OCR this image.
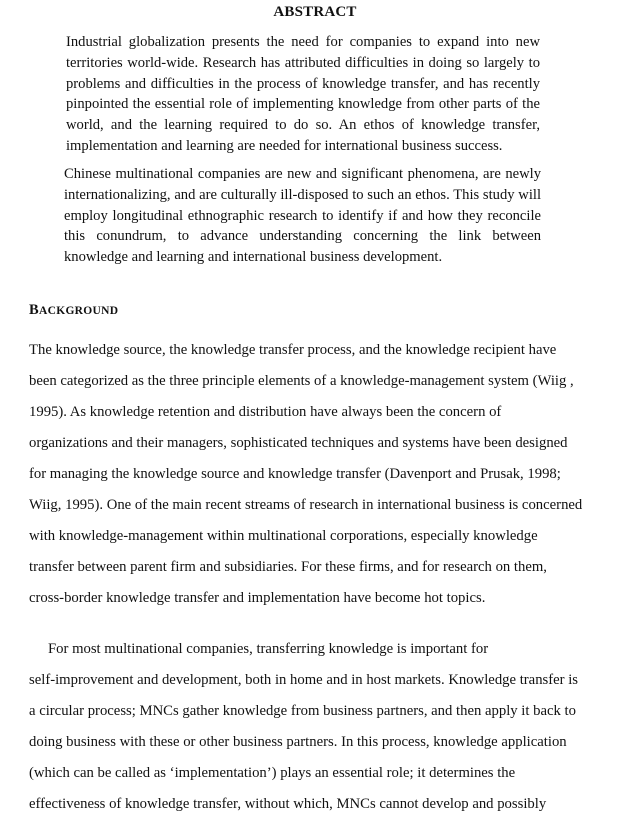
ABSTRACT
Industrial globalization presents the need for companies to expand into new territories world-wide. Research has attributed difficulties in doing so largely to problems and difficulties in the process of knowledge transfer, and has recently pinpointed the essential role of implementing knowledge from other parts of the world, and the learning required to do so. An ethos of knowledge transfer, implementation and learning are needed for international business success.
Chinese multinational companies are new and significant phenomena, are newly internationalizing, and are culturally ill-disposed to such an ethos. This study will employ longitudinal ethnographic research to identify if and how they reconcile this conundrum, to advance understanding concerning the link between knowledge and learning and international business development.
BACKGROUND
The knowledge source, the knowledge transfer process, and the knowledge recipient have
been categorized as the three principle elements of a knowledge-management system (Wiig ,
1995). As knowledge retention and distribution have always been the concern of
organizations and their managers, sophisticated techniques and systems have been designed
for managing the knowledge source and knowledge transfer (Davenport and Prusak, 1998;
Wiig, 1995). One of the main recent streams of research in international business is concerned
with knowledge-management within multinational corporations, especially knowledge
transfer between parent firm and subsidiaries. For these firms, and for research on them,
cross-border knowledge transfer and implementation have become hot topics.
For most multinational companies, transferring knowledge is important for
self-improvement and development, both in home and in host markets. Knowledge transfer is
a circular process; MNCs gather knowledge from business partners, and then apply it back to
doing business with these or other business partners. In this process, knowledge application
(which can be called as ‘implementation’) plays an essential role; it determines the
effectiveness of knowledge transfer, without which, MNCs cannot develop and possibly
